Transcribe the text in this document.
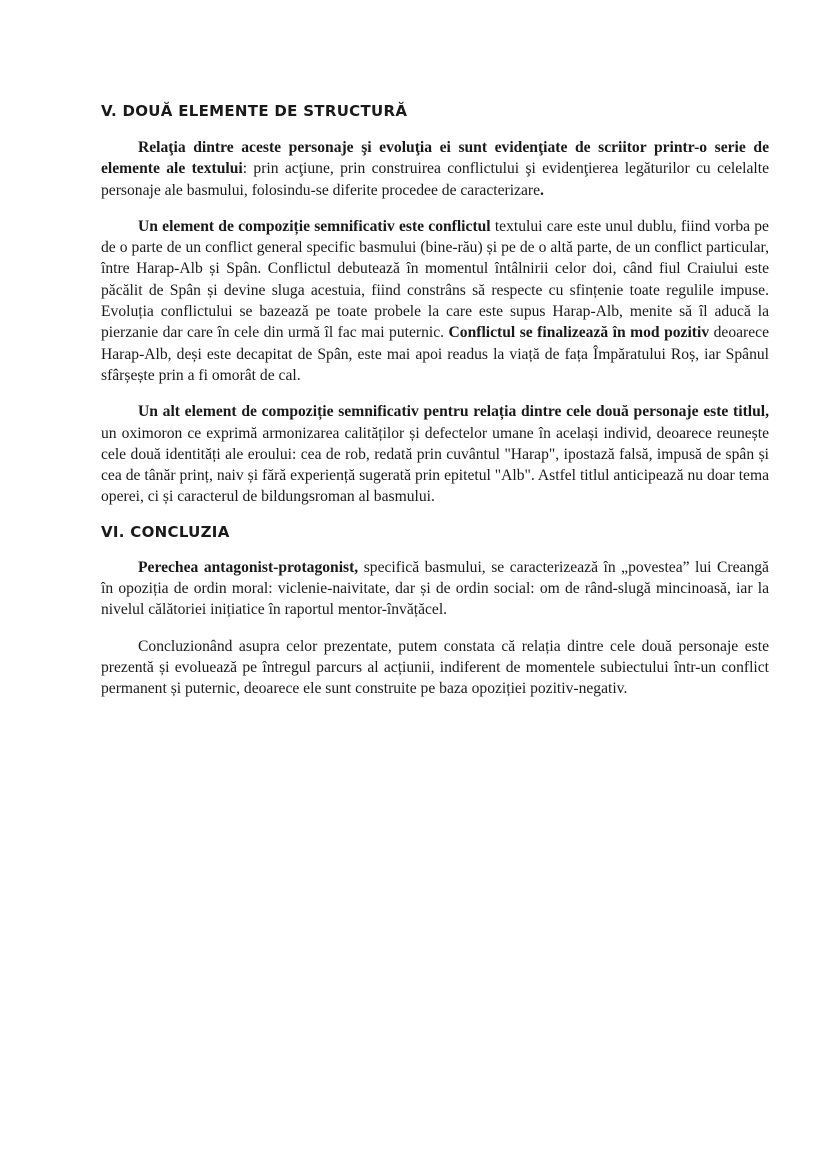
V. DOUĂ ELEMENTE DE STRUCTURĂ

Relaţia dintre aceste personaje şi evoluţia ei sunt evidenţiate de scriitor printr-o serie de elemente ale textului: prin acţiune, prin construirea conflictului şi evidenţierea legăturilor cu celelalte personaje ale basmului, folosindu-se diferite procedee de caracterizare.

Un element de compoziție semnificativ este conflictul textului care este unul dublu, fiind vorba pe de o parte de un conflict general specific basmului (bine-rău) și pe de o altă parte, de un conflict particular, între Harap-Alb și Spân. Conflictul debutează în momentul întâlnirii celor doi, când fiul Craiului este păcălit de Spân și devine sluga acestuia, fiind constrâns să respecte cu sfințenie toate regulile impuse. Evoluția conflictului se bazează pe toate probele la care este supus Harap-Alb, menite să îl aducă la pierzanie dar care în cele din urmă îl fac mai puternic. Conflictul se finalizează în mod pozitiv deoarece Harap-Alb, deși este decapitat de Spân, este mai apoi readus la viață de fața Împăratului Roș, iar Spânul sfârșește prin a fi omorât de cal.

Un alt element de compoziție semnificativ pentru relația dintre cele două personaje este titlul, un oximoron ce exprimă armonizarea calităților și defectelor umane în același individ, deoarece reunește cele două identități ale eroului: cea de rob, redată prin cuvântul "Harap", ipostază falsă, impusă de spân și cea de tânăr prinț, naiv și fără experiență sugerată prin epitetul "Alb". Astfel titlul anticipează nu doar tema operei, ci și caracterul de bildungsroman al basmului.

VI. CONCLUZIA

Perechea antagonist-protagonist, specifică basmului, se caracterizează în „povestea” lui Creangă în opoziția de ordin moral: viclenie-naivitate, dar și de ordin social: om de rând-slugă mincinoasă, iar la nivelul călătoriei inițiatice în raportul mentor-învățăcel.

Concluzionând asupra celor prezentate, putem constata că relația dintre cele două personaje este prezentă și evoluează pe întregul parcurs al acțiunii, indiferent de momentele subiectului într-un conflict permanent și puternic, deoarece ele sunt construite pe baza opoziției pozitiv-negativ.
